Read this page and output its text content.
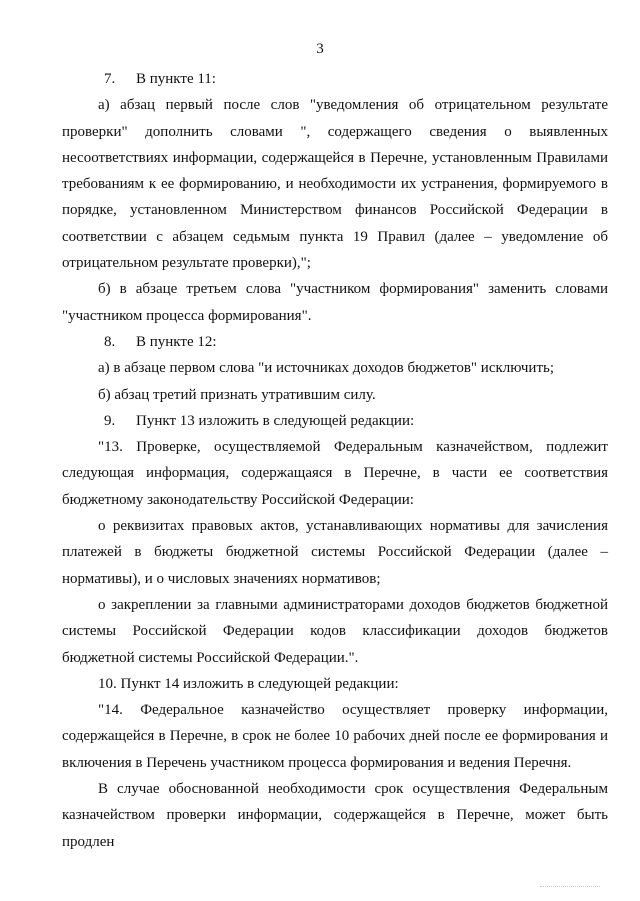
3

7. В пункте 11:

а) абзац первый после слов "уведомления об отрицательном результате проверки" дополнить словами ", содержащего сведения о выявленных несоответствиях информации, содержащейся в Перечне, установленным Правилами требованиям к ее формированию, и необходимости их устранения, формируемого в порядке, установленном Министерством финансов Российской Федерации в соответствии с абзацем седьмым пункта 19 Правил (далее – уведомление об отрицательном результате проверки),";

б) в абзаце третьем слова "участником формирования" заменить словами "участником процесса формирования".

8. В пункте 12:

а) в абзаце первом слова "и источниках доходов бюджетов" исключить;

б) абзац третий признать утратившим силу.

9. Пункт 13 изложить в следующей редакции:

"13. Проверке, осуществляемой Федеральным казначейством, подлежит следующая информация, содержащаяся в Перечне, в части ее соответствия бюджетному законодательству Российской Федерации:

о реквизитах правовых актов, устанавливающих нормативы для зачисления платежей в бюджеты бюджетной системы Российской Федерации (далее – нормативы), и о числовых значениях нормативов;

о закреплении за главными администраторами доходов бюджетов бюджетной системы Российской Федерации кодов классификации доходов бюджетов бюджетной системы Российской Федерации.".

10. Пункт 14 изложить в следующей редакции:

"14. Федеральное казначейство осуществляет проверку информации, содержащейся в Перечне, в срок не более 10 рабочих дней после ее формирования и включения в Перечень участником процесса формирования и ведения Перечня.

В случае обоснованной необходимости срок осуществления Федеральным казначейством проверки информации, содержащейся в Перечне, может быть продлен
